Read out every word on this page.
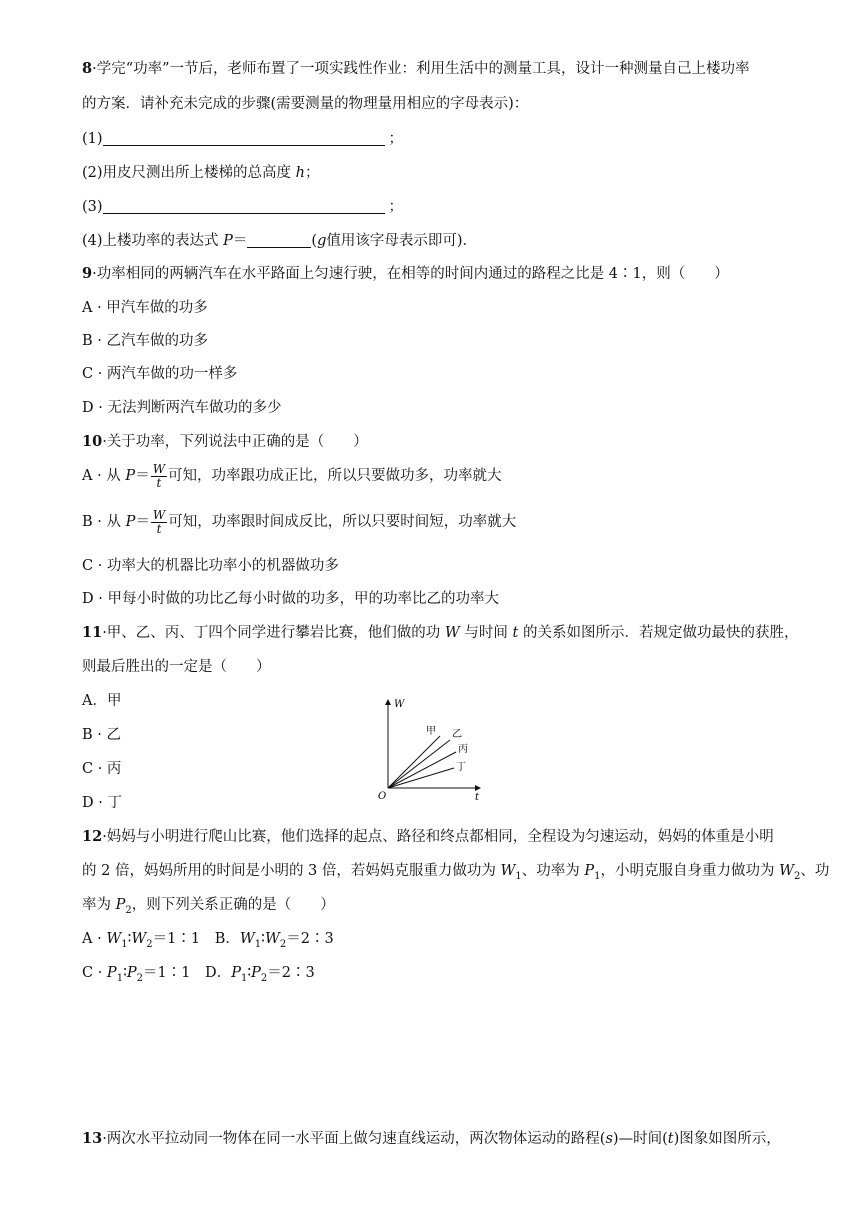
8·学完“功率”一节后，老师布置了一项实践性作业：利用生活中的测量工具，设计一种测量自己上楼功率
的方案．请补充未完成的步骤(需要测量的物理量用相应的字母表示)：
(1)	；
(2)用皮尺测出所上楼梯的总高度 h；
(3)	；
(4)上楼功率的表达式 P＝	(g值用该字母表示即可)．
9·功率相同的两辆汽车在水平路面上匀速行驶，在相等的时间内通过的路程之比是 4∶1，则（　　）
A · 甲汽车做的功多
B · 乙汽车做的功多
C · 两汽车做的功一样多
D · 无法判断两汽车做功的多少
10·关于功率，下列说法中正确的是（　　）
A · 从 $P= \frac{W}{t}$ 可知，功率跟功成正比，所以只要做功多，功率就大
B · 从 $P= \frac{W}{t}$ 可知，功率跟时间成反比，所以只要时间短，功率就大
C · 功率大的机器比功率小的机器做功多
D · 甲每小时做的功比乙每小时做的功多，甲的功率比乙的功率大
11·甲、乙、丙、丁四个同学进行攀岩比赛，他们做的功 W 与时间 t 的关系如图所示．若规定做功最快的获胜，
则最后胜出的一定是（　　）
A．甲
B · 乙
C · 丙
D · 丁
W
t
O
甲 乙
丙
丁
12·妈妈与小明进行爬山比赛，他们选择的起点、路径和终点都相同，全程设为匀速运动，妈妈的体重是小明
的 2 倍，妈妈所用的时间是小明的 3 倍，若妈妈克服重力做功为 $W_1$、功率为 $P_1$，小明克服自身重力做功为 $W_2$、功
率为 $P_2$，则下列关系正确的是（　　）
$A \cdot W_1∶W_2=1∶1$ B．$W_1∶W_2=2∶3$
$C \cdot P_1∶P_2=1∶1$ D．$P_1∶P_2=2∶3$
13·两次水平拉动同一物体在同一水平面上做匀速直线运动，两次物体运动的路程(s)—时间(t)图象如图所示，
